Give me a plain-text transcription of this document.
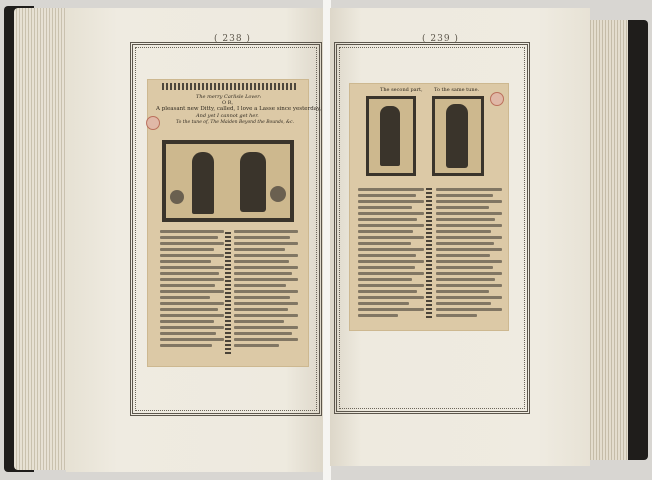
( 238 )
The merry Carlisle Lover:
O R,
A pleasant new Ditty, called, I love a Lasse since yesterday,
And yet I cannot get her.
To the tune of, The Maiden Beyond the Bounds, &c.
( 239 )
The second part, To the same tune.
